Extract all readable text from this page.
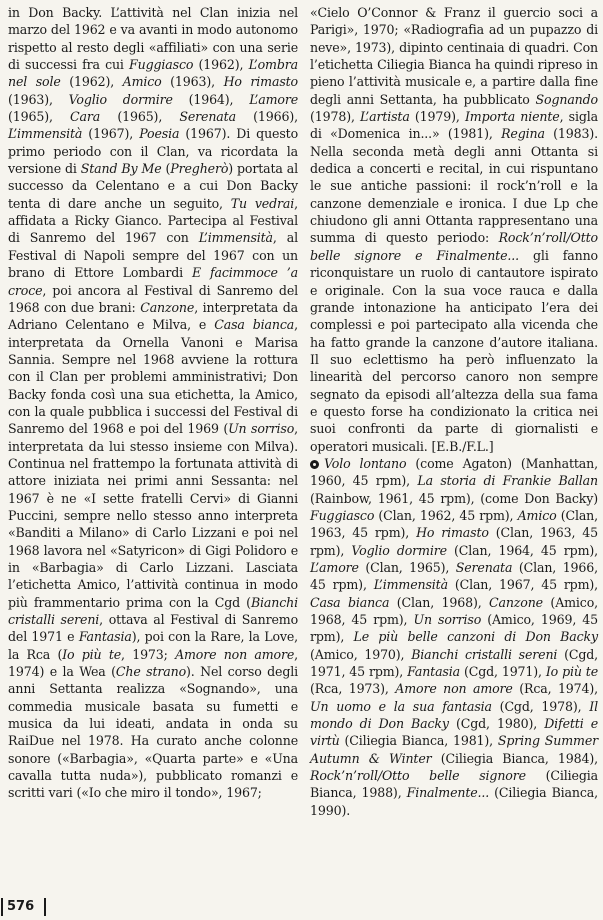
in Don Backy. L’attività nel Clan inizia nel marzo del 1962 e va avanti in modo autonomo rispetto al resto degli «affiliati» con una serie di successi fra cui Fuggiasco (1962), L’ombra nel sole (1962), Amico (1963), Ho rimasto (1963), Voglio dormire (1964), L’amore (1965), Cara (1965), Serenata (1966), L’immensità (1967), Poesia (1967). Di questo primo periodo con il Clan, va ricordata la versione di Stand By Me (Pregherò) portata al successo da Celentano e a cui Don Backy tenta di dare anche un seguito, Tu vedrai, affidata a Ricky Gianco. Partecipa al Festival di Sanremo del 1967 con L’immensità, al Festival di Napoli sempre del 1967 con un brano di Ettore Lombardi E facimmoce ’a croce, poi ancora al Festival di Sanremo del 1968 con due brani: Canzone, interpretata da Adriano Celentano e Milva, e Casa bianca, interpretata da Ornella Vanoni e Marisa Sannia. Sempre nel 1968 avviene la rottura con il Clan per problemi amministrativi; Don Backy fonda così una sua etichetta, la Amico, con la quale pubblica i successi del Festival di Sanremo del 1968 e poi del 1969 (Un sorriso, interpretata da lui stesso insieme con Milva). Continua nel frattempo la fortunata attività di attore iniziata nei primi anni Sessanta: nel 1967 è ne «I sette fratelli Cervi» di Gianni Puccini, sempre nello stesso anno interpreta «Banditi a Milano» di Carlo Lizzani e poi nel 1968 lavora nel «Satyricon» di Gigi Polidoro e in «Barbagia» di Carlo Lizzani. Lasciata l’etichetta Amico, l’attività continua in modo più frammentario prima con la Cgd (Bianchi cristalli sereni, ottava al Festival di Sanremo del 1971 e Fantasia), poi con la Rare, la Love, la Rca (Io più te, 1973; Amore non amore, 1974) e la Wea (Che strano). Nel corso degli anni Settanta realizza «Sognando», una commedia musicale basata su fumetti e musica da lui ideati, andata in onda su RaiDue nel 1978. Ha curato anche colonne sonore («Barbagia», «Quarta parte» e «Una cavalla tutta nuda»), pubblicato romanzi e scritti vari («Io che miro il tondo», 1967;

«Cielo O’Connor & Franz il guercio soci a Parigi», 1970; «Radiografia ad un pupazzo di neve», 1973), dipinto centinaia di quadri. Con l’etichetta Ciliegia Bianca ha quindi ripreso in pieno l’attività musicale e, a partire dalla fine degli anni Settanta, ha pubblicato Sognando (1978), L’artista (1979), Importa niente, sigla di «Domenica in...» (1981), Regina (1983). Nella seconda metà degli anni Ottanta si dedica a concerti e recital, in cui rispuntano le sue antiche passioni: il rock’n’roll e la canzone demenziale e ironica. I due Lp che chiudono gli anni Ottanta rappresentano una summa di questo periodo: Rock’n’roll/Otto belle signore e Finalmente... gli fanno riconquistare un ruolo di cantautore ispirato e originale. Con la sua voce rauca e dalla grande intonazione ha anticipato l’era dei complessi e poi partecipato alla vicenda che ha fatto grande la canzone d’autore italiana. Il suo eclettismo ha però influenzato la linearità del percorso canoro non sempre segnato da episodi all’altezza della sua fama e questo forse ha condizionato la critica nei suoi confronti da parte di giornalisti e operatori musicali. [E.B./F.L.]

Volo lontano (come Agaton) (Manhattan, 1960, 45 rpm), La storia di Frankie Ballan (Rainbow, 1961, 45 rpm), (come Don Backy) Fuggiasco (Clan, 1962, 45 rpm), Amico (Clan, 1963, 45 rpm), Ho rimasto (Clan, 1963, 45 rpm), Voglio dormire (Clan, 1964, 45 rpm), L’amore (Clan, 1965), Serenata (Clan, 1966, 45 rpm), L’immensità (Clan, 1967, 45 rpm), Casa bianca (Clan, 1968), Canzone (Amico, 1968, 45 rpm), Un sorriso (Amico, 1969, 45 rpm), Le più belle canzoni di Don Backy (Amico, 1970), Bianchi cristalli sereni (Cgd, 1971, 45 rpm), Fantasia (Cgd, 1971), Io più te (Rca, 1973), Amore non amore (Rca, 1974), Un uomo e la sua fantasia (Cgd, 1978), Il mondo di Don Backy (Cgd, 1980), Difetti e virtù (Ciliegia Bianca, 1981), Spring Summer Autumn & Winter (Ciliegia Bianca, 1984), Rock’n’roll/Otto belle signore (Ciliegia Bianca, 1988), Finalmente... (Ciliegia Bianca, 1990).

576
